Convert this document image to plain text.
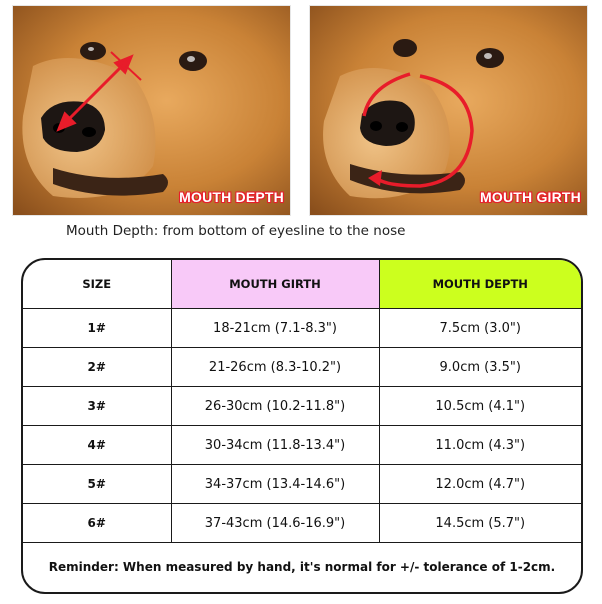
MOUTH DEPTH	MOUTH GIRTH
Mouth Depth: from bottom of eyesline to the nose
SIZE	MOUTH GIRTH	MOUTH DEPTH
1#	18-21cm (7.1-8.3")	7.5cm (3.0")
2#	21-26cm (8.3-10.2")	9.0cm (3.5")
3#	26-30cm (10.2-11.8")	10.5cm (4.1")
4#	30-34cm (11.8-13.4")	11.0cm (4.3")
5#	34-37cm (13.4-14.6")	12.0cm (4.7")
6#	37-43cm (14.6-16.9")	14.5cm (5.7")
Reminder: When measured by hand, it's normal for +/- tolerance of 1-2cm.
